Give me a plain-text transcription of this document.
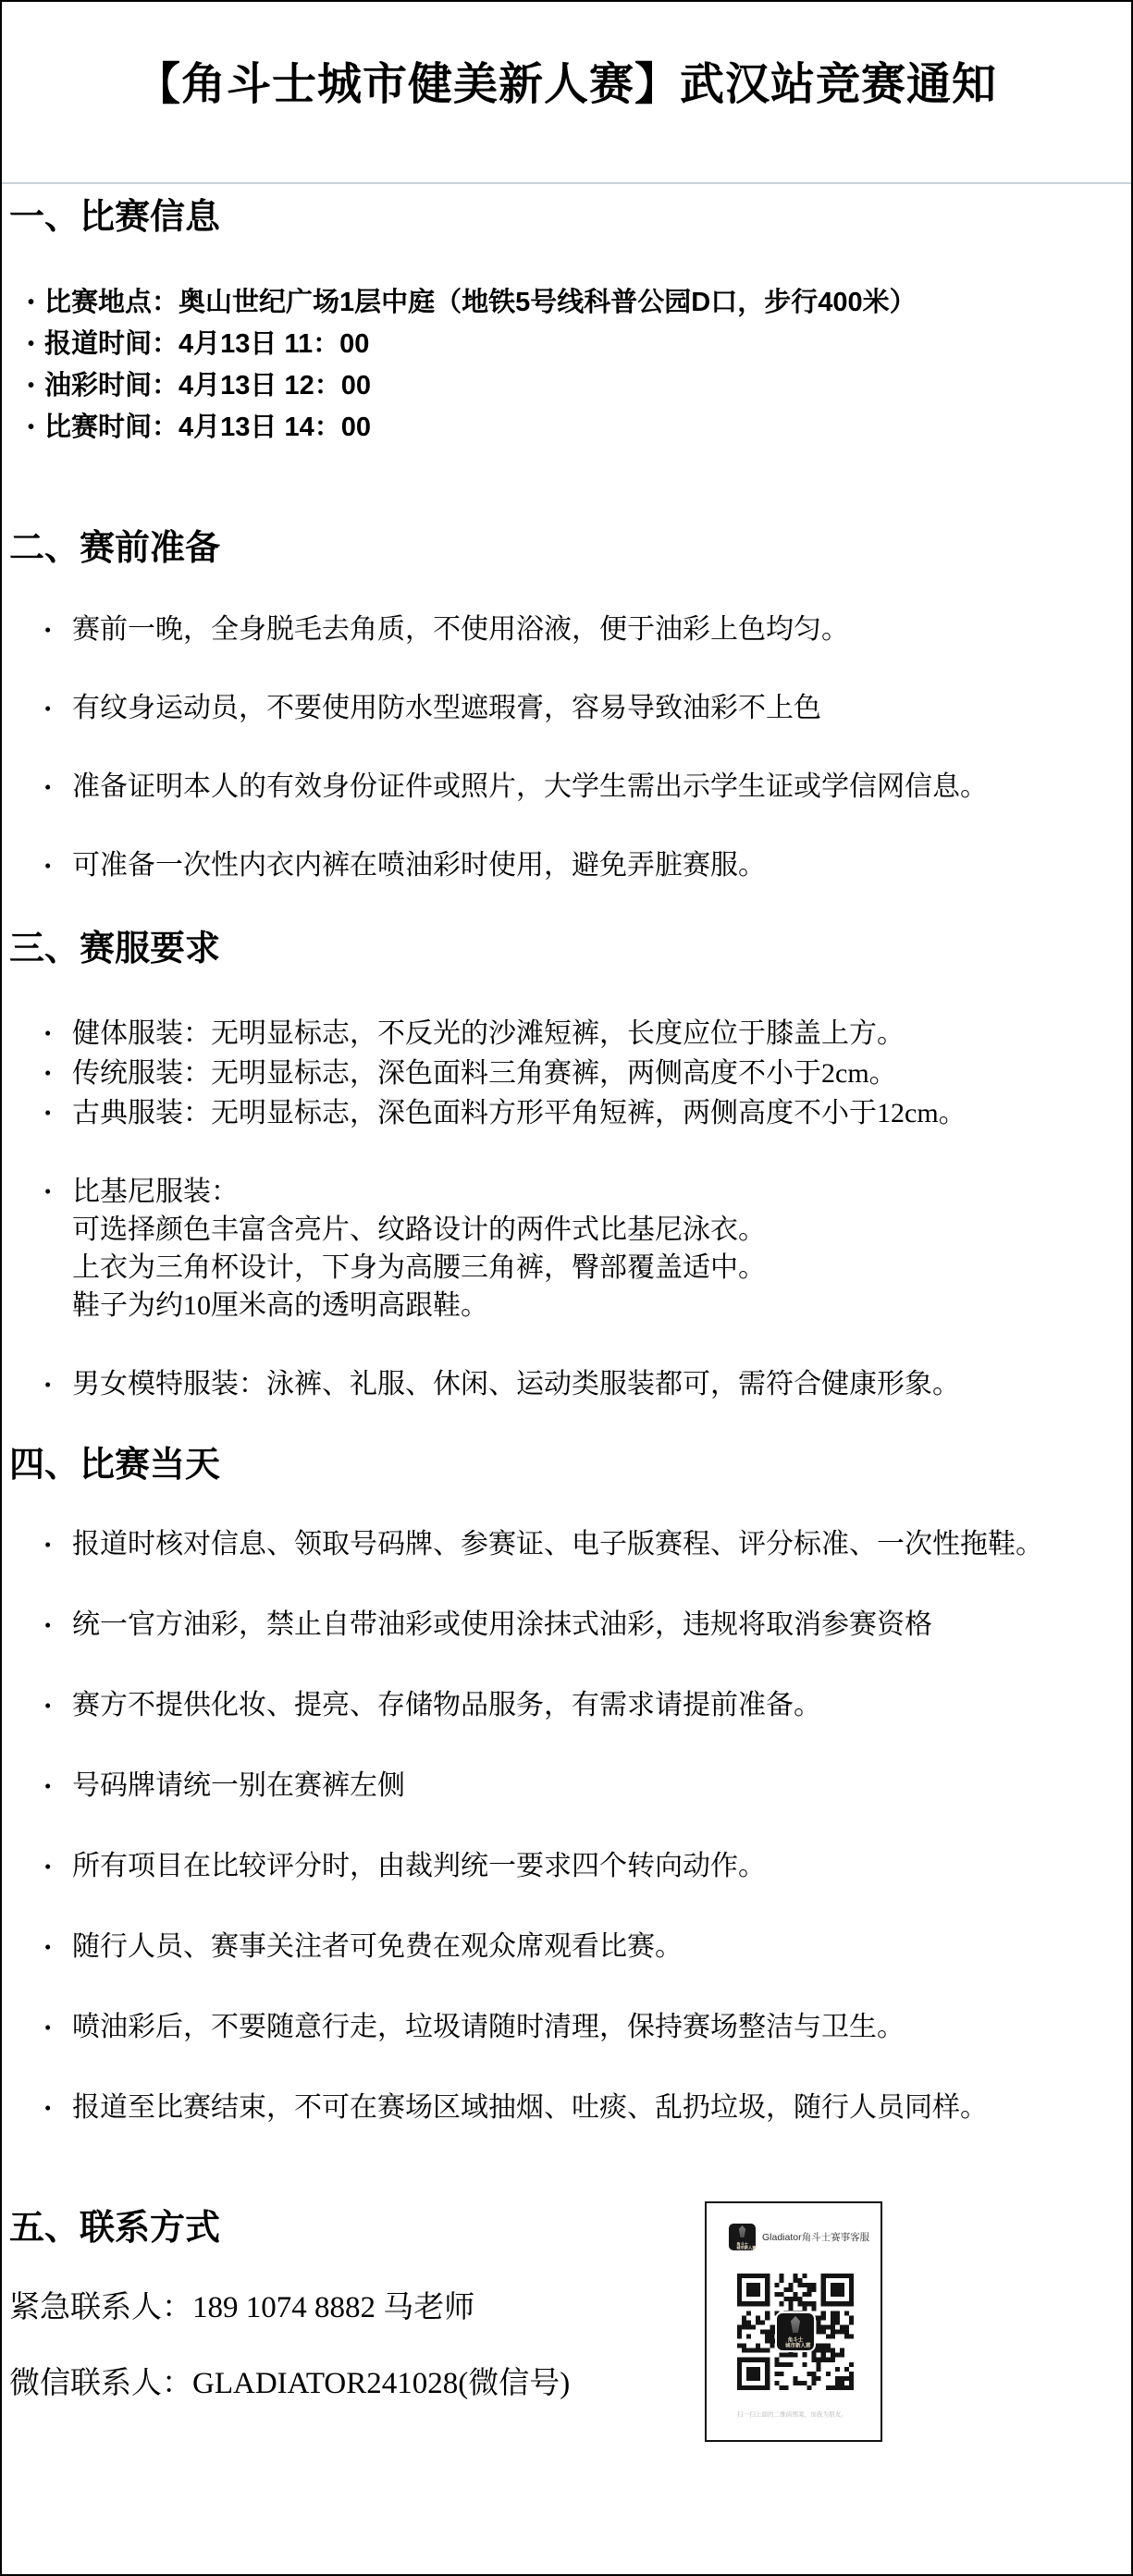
【角斗士城市健美新人赛】武汉站竞赛通知
一、比赛信息
• 比赛地点：奥山世纪广场1层中庭（地铁5号线科普公园D口，步行400米）
• 报道时间：4月13日 11：00
• 油彩时间：4月13日 12：00
• 比赛时间：4月13日 14：00
二、赛前准备
• 赛前一晚，全身脱毛去角质，不使用浴液，便于油彩上色均匀。
• 有纹身运动员，不要使用防水型遮瑕膏，容易导致油彩不上色
• 准备证明本人的有效身份证件或照片，大学生需出示学生证或学信网信息。
• 可准备一次性内衣内裤在喷油彩时使用，避免弄脏赛服。
三、赛服要求
• 健体服装：无明显标志，不反光的沙滩短裤，长度应位于膝盖上方。
• 传统服装：无明显标志，深色面料三角赛裤，两侧高度不小于2cm。
• 古典服装：无明显标志，深色面料方形平角短裤，两侧高度不小于12cm。
• 比基尼服装：
可选择颜色丰富含亮片、纹路设计的两件式比基尼泳衣。
上衣为三角杯设计，下身为高腰三角裤，臀部覆盖适中。
鞋子为约10厘米高的透明高跟鞋。
• 男女模特服装：泳裤、礼服、休闲、运动类服装都可，需符合健康形象。
四、比赛当天
• 报道时核对信息、领取号码牌、参赛证、电子版赛程、评分标准、一次性拖鞋。
• 统一官方油彩，禁止自带油彩或使用涂抹式油彩，违规将取消参赛资格
• 赛方不提供化妆、提亮、存储物品服务，有需求请提前准备。
• 号码牌请统一别在赛裤左侧
• 所有项目在比较评分时，由裁判统一要求四个转向动作。
• 随行人员、赛事关注者可免费在观众席观看比赛。
• 喷油彩后，不要随意行走，垃圾请随时清理，保持赛场整洁与卫生。
• 报道至比赛结束，不可在赛场区域抽烟、吐痰、乱扔垃圾，随行人员同样。
五、联系方式

紧急联系人：189 1074 8882 马老师

微信联系人：GLADIATOR241028(微信号)

角斗士
城市新人赛
Gladiator角斗士赛事客服
角斗士
城市新人赛
扫一扫上面的二维码图案，加我为朋友。
